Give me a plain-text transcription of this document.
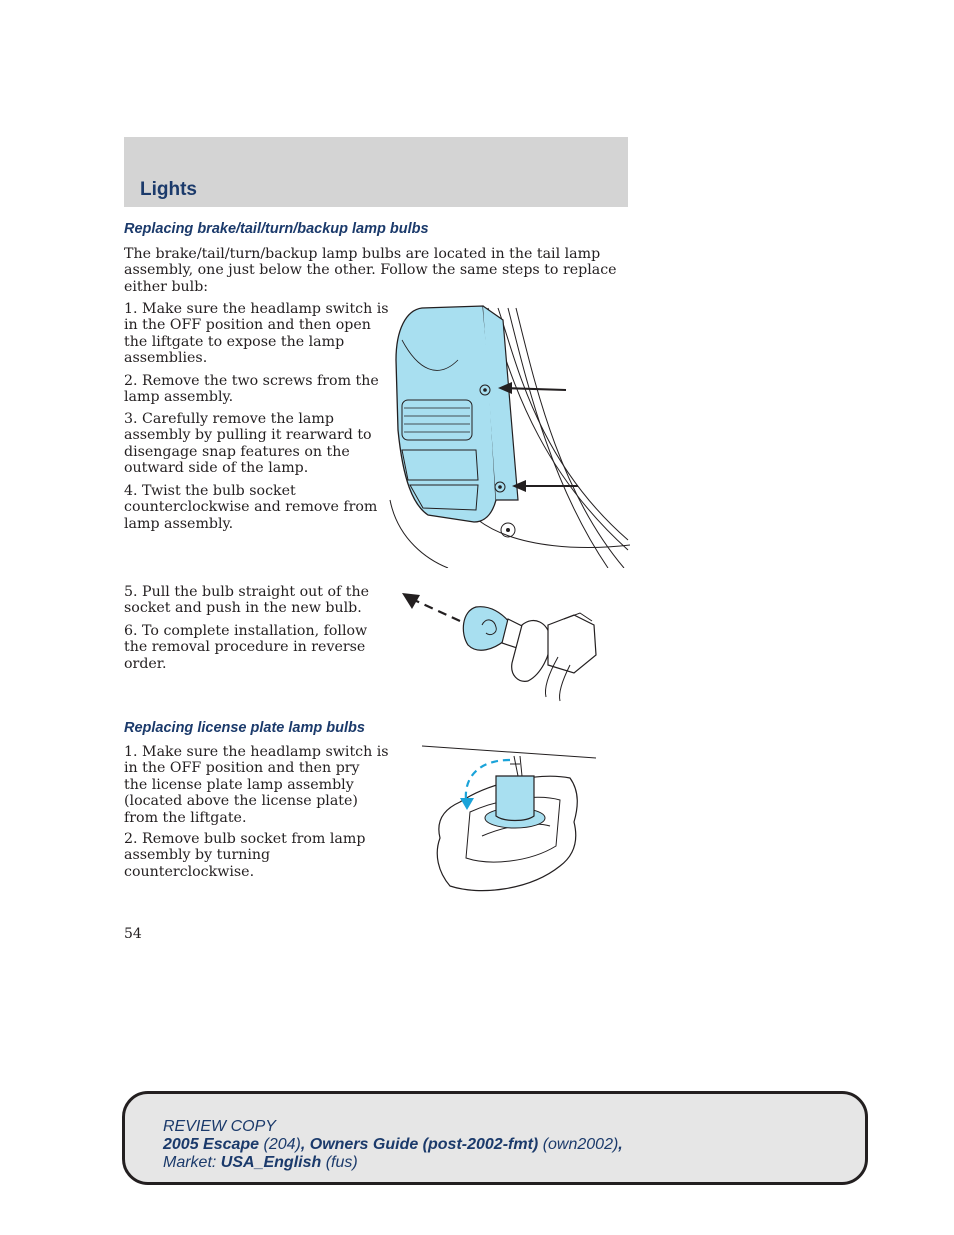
Lights
Replacing brake/tail/turn/backup lamp bulbs
The brake/tail/turn/backup lamp bulbs are located in the tail lamp
assembly, one just below the other. Follow the same steps to replace
either bulb:
1. Make sure the headlamp switch is
in the OFF position and then open
the liftgate to expose the lamp
assemblies.
2. Remove the two screws from the
lamp assembly.
3. Carefully remove the lamp
assembly by pulling it rearward to
disengage snap features on the
outward side of the lamp.
4. Twist the bulb socket
counterclockwise and remove from
lamp assembly.
5. Pull the bulb straight out of the
socket and push in the new bulb.
6. To complete installation, follow
the removal procedure in reverse
order.
Replacing license plate lamp bulbs
1. Make sure the headlamp switch is
in the OFF position and then pry
the license plate lamp assembly
(located above the license plate)
from the liftgate.
2. Remove bulb socket from lamp
assembly by turning
counterclockwise.
54
REVIEW COPY
2005 Escape (204), Owners Guide (post-2002-fmt) (own2002),
Market: USA_English (fus)
